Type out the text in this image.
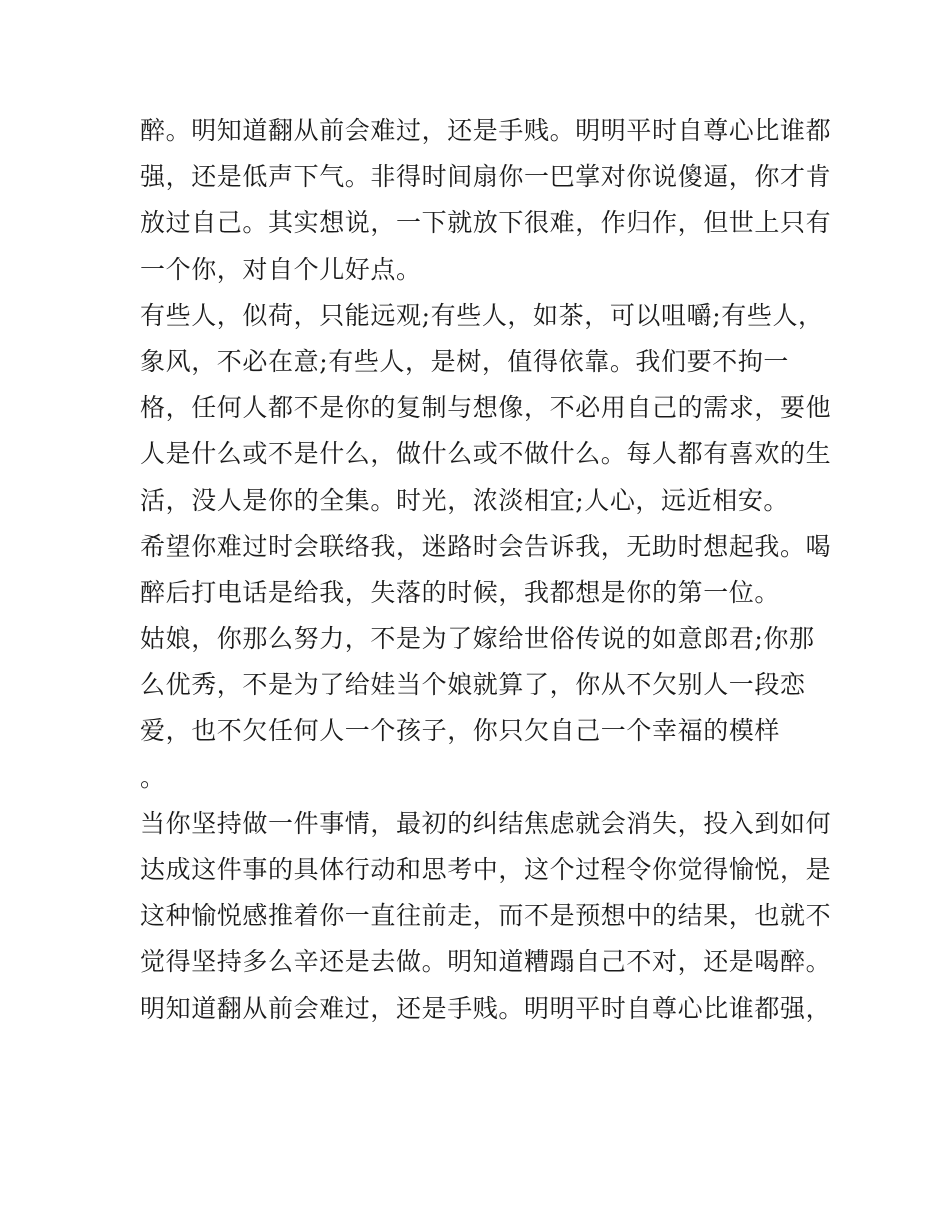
醉。明知道翻从前会难过，还是手贱。明明平时自尊心比谁都
强，还是低声下气。非得时间扇你一巴掌对你说傻逼，你才肯
放过自己。其实想说，一下就放下很难，作归作，但世上只有
一个你，对自个儿好点。
有些人，似荷，只能远观;有些人，如茶，可以咀嚼;有些人，
象风，不必在意;有些人，是树，值得依靠。我们要不拘一
格，任何人都不是你的复制与想像，不必用自己的需求，要他
人是什么或不是什么，做什么或不做什么。每人都有喜欢的生
活，没人是你的全集。时光，浓淡相宜;人心，远近相安。
希望你难过时会联络我，迷路时会告诉我，无助时想起我。喝
醉后打电话是给我，失落的时候，我都想是你的第一位。
姑娘，你那么努力，不是为了嫁给世俗传说的如意郎君;你那
么优秀，不是为了给娃当个娘就算了，你从不欠别人一段恋
爱，也不欠任何人一个孩子，你只欠自己一个幸福的模样
。
当你坚持做一件事情，最初的纠结焦虑就会消失，投入到如何
达成这件事的具体行动和思考中，这个过程令你觉得愉悦，是
这种愉悦感推着你一直往前走，而不是预想中的结果，也就不
觉得坚持多么辛还是去做。明知道糟蹋自己不对，还是喝醉。
明知道翻从前会难过，还是手贱。明明平时自尊心比谁都强，
